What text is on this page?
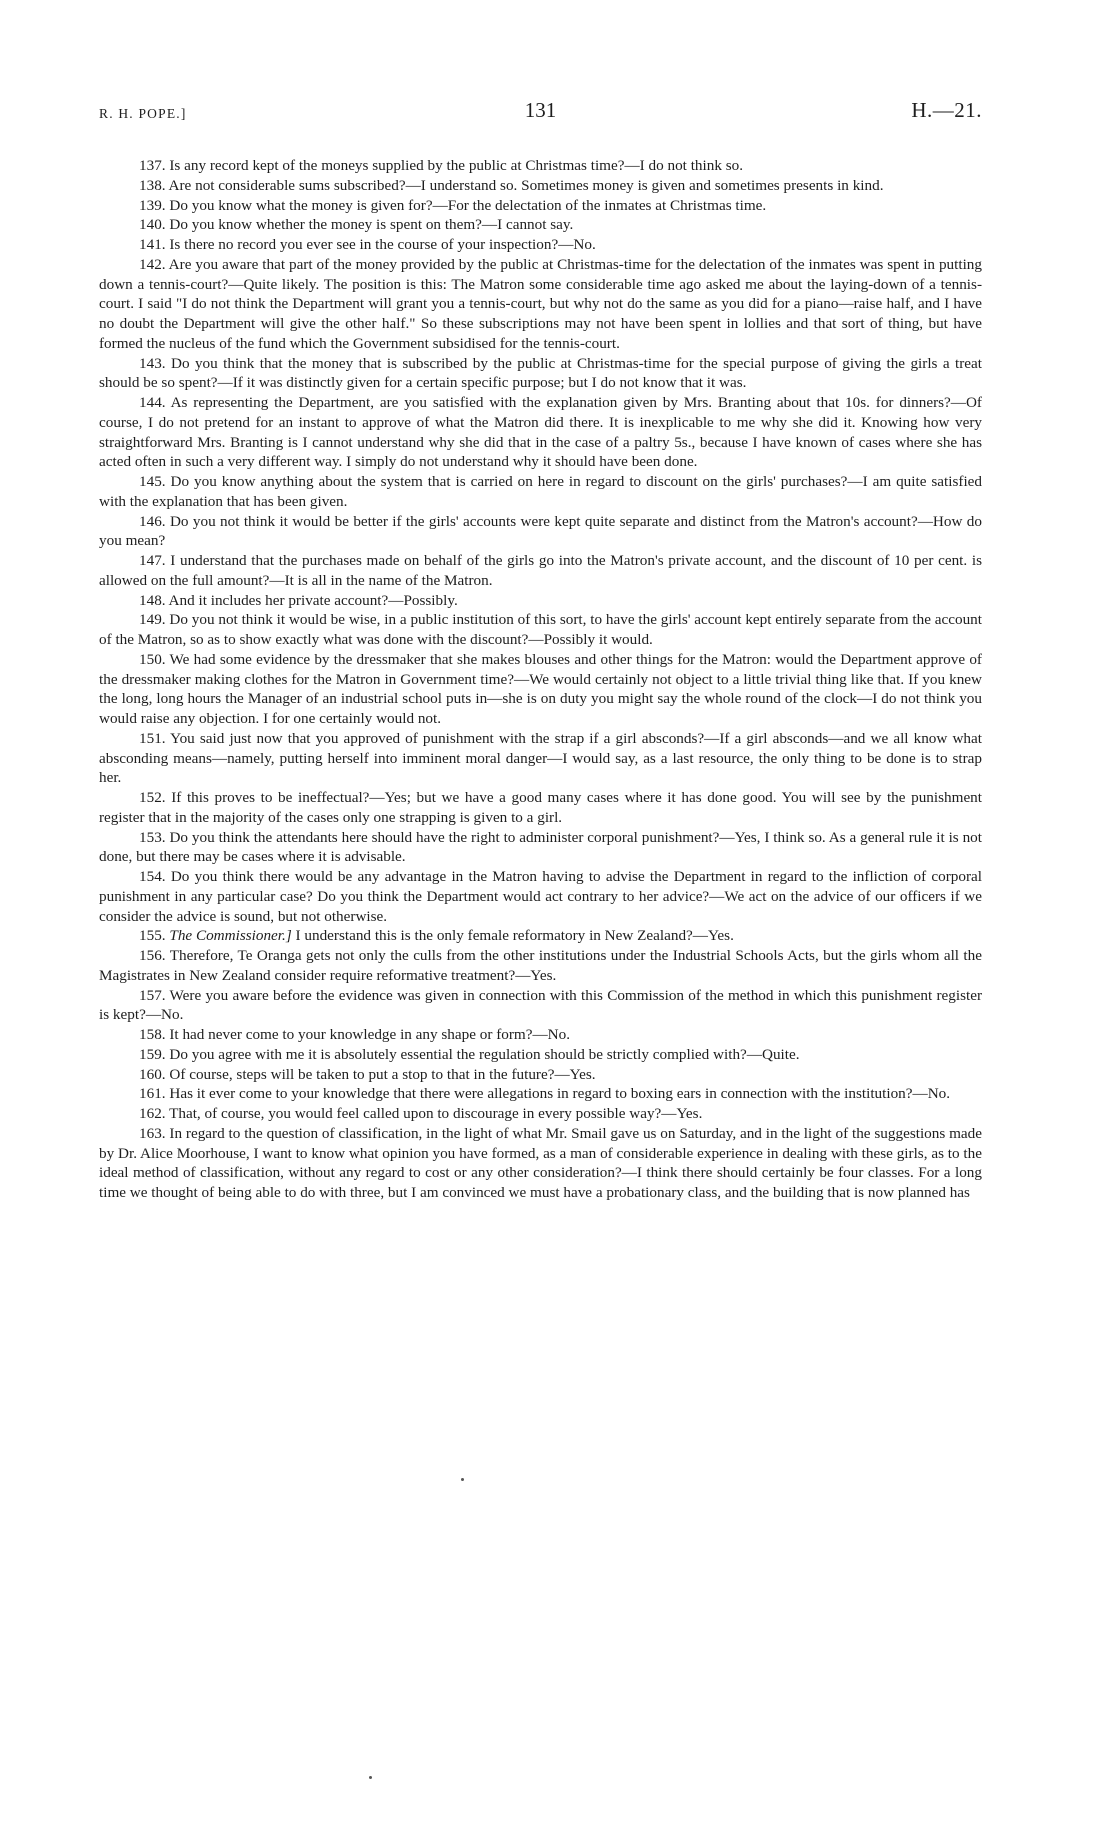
R. H. POPE.]	131	H.—21.

137. Is any record kept of the moneys supplied by the public at Christmas time?—I do not think so.

138. Are not considerable sums subscribed?—I understand so. Sometimes money is given and sometimes presents in kind.

139. Do you know what the money is given for?—For the delectation of the inmates at Christmas time.

140. Do you know whether the money is spent on them?—I cannot say.

141. Is there no record you ever see in the course of your inspection?—No.

142. Are you aware that part of the money provided by the public at Christmas-time for the delectation of the inmates was spent in putting down a tennis-court?—Quite likely. The position is this: The Matron some considerable time ago asked me about the laying-down of a tennis-court. I said "I do not think the Department will grant you a tennis-court, but why not do the same as you did for a piano—raise half, and I have no doubt the Department will give the other half." So these subscriptions may not have been spent in lollies and that sort of thing, but have formed the nucleus of the fund which the Government subsidised for the tennis-court.

143. Do you think that the money that is subscribed by the public at Christmas-time for the special purpose of giving the girls a treat should be so spent?—If it was distinctly given for a certain specific purpose; but I do not know that it was.

144. As representing the Department, are you satisfied with the explanation given by Mrs. Branting about that 10s. for dinners?—Of course, I do not pretend for an instant to approve of what the Matron did there. It is inexplicable to me why she did it. Knowing how very straightforward Mrs. Branting is I cannot understand why she did that in the case of a paltry 5s., because I have known of cases where she has acted often in such a very different way. I simply do not understand why it should have been done.

145. Do you know anything about the system that is carried on here in regard to discount on the girls' purchases?—I am quite satisfied with the explanation that has been given.

146. Do you not think it would be better if the girls' accounts were kept quite separate and distinct from the Matron's account?—How do you mean?

147. I understand that the purchases made on behalf of the girls go into the Matron's private account, and the discount of 10 per cent. is allowed on the full amount?—It is all in the name of the Matron.

148. And it includes her private account?—Possibly.

149. Do you not think it would be wise, in a public institution of this sort, to have the girls' account kept entirely separate from the account of the Matron, so as to show exactly what was done with the discount?—Possibly it would.

150. We had some evidence by the dressmaker that she makes blouses and other things for the Matron: would the Department approve of the dressmaker making clothes for the Matron in Government time?—We would certainly not object to a little trivial thing like that. If you knew the long, long hours the Manager of an industrial school puts in—she is on duty you might say the whole round of the clock—I do not think you would raise any objection. I for one certainly would not.

151. You said just now that you approved of punishment with the strap if a girl absconds?—If a girl absconds—and we all know what absconding means—namely, putting herself into imminent moral danger—I would say, as a last resource, the only thing to be done is to strap her.

152. If this proves to be ineffectual?—Yes; but we have a good many cases where it has done good. You will see by the punishment register that in the majority of the cases only one strapping is given to a girl.

153. Do you think the attendants here should have the right to administer corporal punishment?—Yes, I think so. As a general rule it is not done, but there may be cases where it is advisable.

154. Do you think there would be any advantage in the Matron having to advise the Department in regard to the infliction of corporal punishment in any particular case? Do you think the Department would act contrary to her advice?—We act on the advice of our officers if we consider the advice is sound, but not otherwise.

155. The Commissioner.] I understand this is the only female reformatory in New Zealand?—Yes.

156. Therefore, Te Oranga gets not only the culls from the other institutions under the Industrial Schools Acts, but the girls whom all the Magistrates in New Zealand consider require reformative treatment?—Yes.

157. Were you aware before the evidence was given in connection with this Commission of the method in which this punishment register is kept?—No.

158. It had never come to your knowledge in any shape or form?—No.

159. Do you agree with me it is absolutely essential the regulation should be strictly complied with?—Quite.

160. Of course, steps will be taken to put a stop to that in the future?—Yes.

161. Has it ever come to your knowledge that there were allegations in regard to boxing ears in connection with the institution?—No.

162. That, of course, you would feel called upon to discourage in every possible way?—Yes.

163. In regard to the question of classification, in the light of what Mr. Smail gave us on Saturday, and in the light of the suggestions made by Dr. Alice Moorhouse, I want to know what opinion you have formed, as a man of considerable experience in dealing with these girls, as to the ideal method of classification, without any regard to cost or any other consideration?—I think there should certainly be four classes. For a long time we thought of being able to do with three, but I am convinced we must have a probationary class, and the building that is now planned has
